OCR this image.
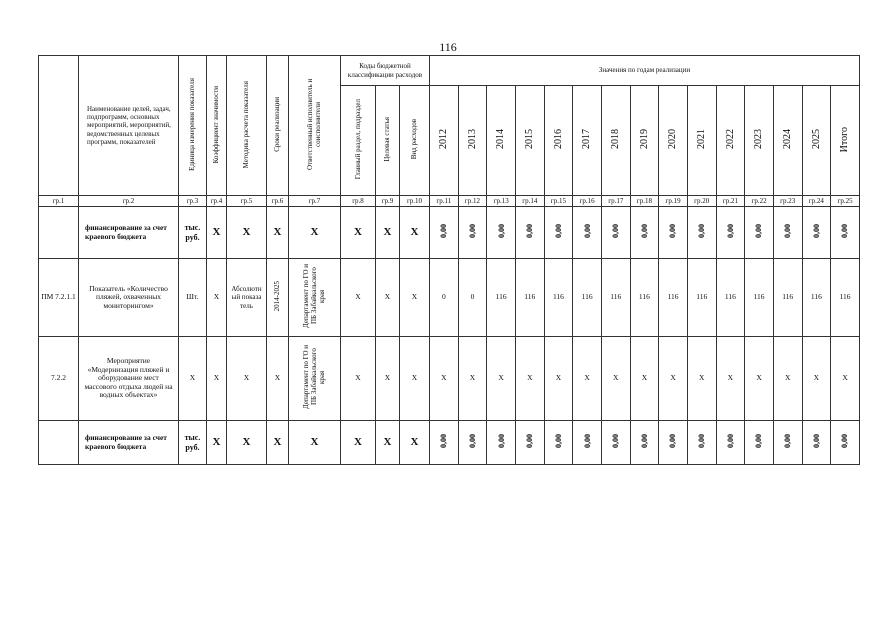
116
	Наименование целей, задач, подпрограмм, основных мероприятий, мероприятий, ведомственных целевых программ, показателей	Единица измерения показателя	Коэффициент значимости	Методика расчета показателя	Сроки реализации	Ответственный исполнитель и соисполнители	Коды бюджетной классификации расходов			Значения по годам реализации														
							Главный раздел, подраздел	Целевая статья	Вид расходов	2012	2013	2014	2015	2016	2017	2018	2019	2020	2021	2022	2023	2024	2025	Итого
гр.1	гр.2	гр.3	гр.4	гр.5	гр.6	гр.7	гр.8	гр.9	гр.10	гр.11	гр.12	гр.13	гр.14	гр.15	гр.16	гр.17	гр.18	гр.19	гр.20	гр.21	гр.22	гр.23	гр.24	гр.25
	финансирование за счет краевого бюджета	тыс. руб.	Х	Х	Х	Х	Х	Х	Х	0,00	0,00	0,00	0,00	0,00	0,00	0,00	0,00	0,00	0,00	0,00	0,00	0,00	0,00	0,00
ПМ 7.2.1.1	Показатель «Количество пляжей, охваченных мониторингом»	Шт.	Х	Абсолютный показатель	2014-2025	Департамент по ГО и ПБ Забайкальского края	Х	Х	Х	0	0	116	116	116	116	116	116	116	116	116	116	116	116	116
7.2.2	Мероприятие «Модернизация пляжей и оборудование мест массового отдыха людей на водных объектах»	Х	Х	Х	Х	Департамент по ГО и ПБ Забайкальского края	Х	Х	Х	Х	Х	Х	Х	Х	Х	Х	Х	Х	Х	Х	Х	Х	Х	Х
	финансирование за счет краевого бюджета	тыс. руб.	Х	Х	Х	Х	Х	Х	Х	0,00	0,00	0,00	0,00	0,00	0,00	0,00	0,00	0,00	0,00	0,00	0,00	0,00	0,00	0,00
